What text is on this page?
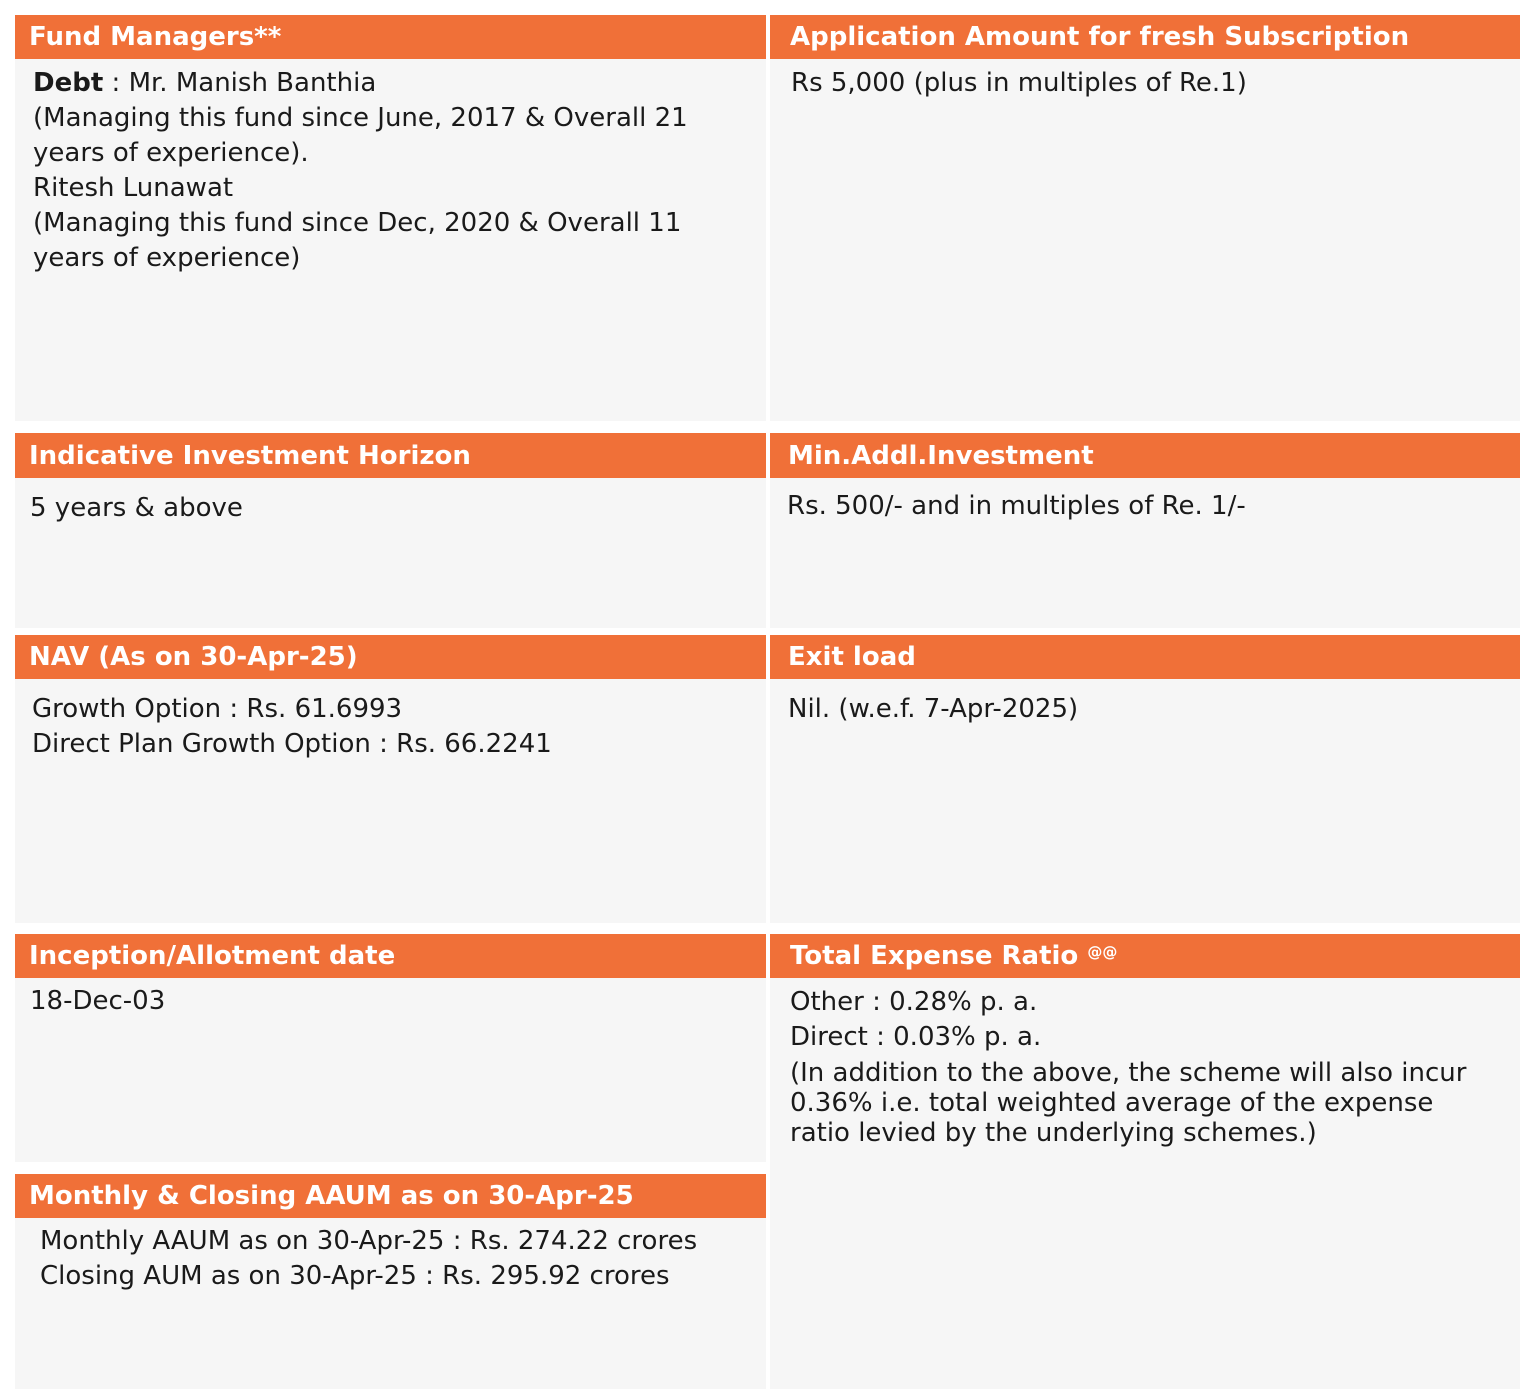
Fund Managers**

Debt : Mr. Manish Banthia

(Managing this fund since June, 2017 & Overall 21 years of experience).

Ritesh Lunawat

(Managing this fund since Dec, 2020 & Overall 11 years of experience)

Application Amount for fresh Subscription

Rs 5,000 (plus in multiples of Re.1)

Indicative Investment Horizon

5 years & above

Min.Addl.Investment

Rs. 500/- and in multiples of Re. 1/-

NAV (As on 30-Apr-25)

Growth Option : Rs. 61.6993

Direct Plan Growth Option : Rs. 66.2241

Exit load

Nil. (w.e.f. 7-Apr-2025)

Inception/Allotment date

18-Dec-03

Total Expense Ratio @@

Other : 0.28% p. a.

Direct : 0.03% p. a.

(In addition to the above, the scheme will also incur 0.36% i.e. total weighted average of the expense ratio levied by the underlying schemes.)

Monthly & Closing AAUM as on 30-Apr-25

Monthly AAUM as on 30-Apr-25 : Rs. 274.22 crores

Closing AUM as on 30-Apr-25 : Rs. 295.92 crores
